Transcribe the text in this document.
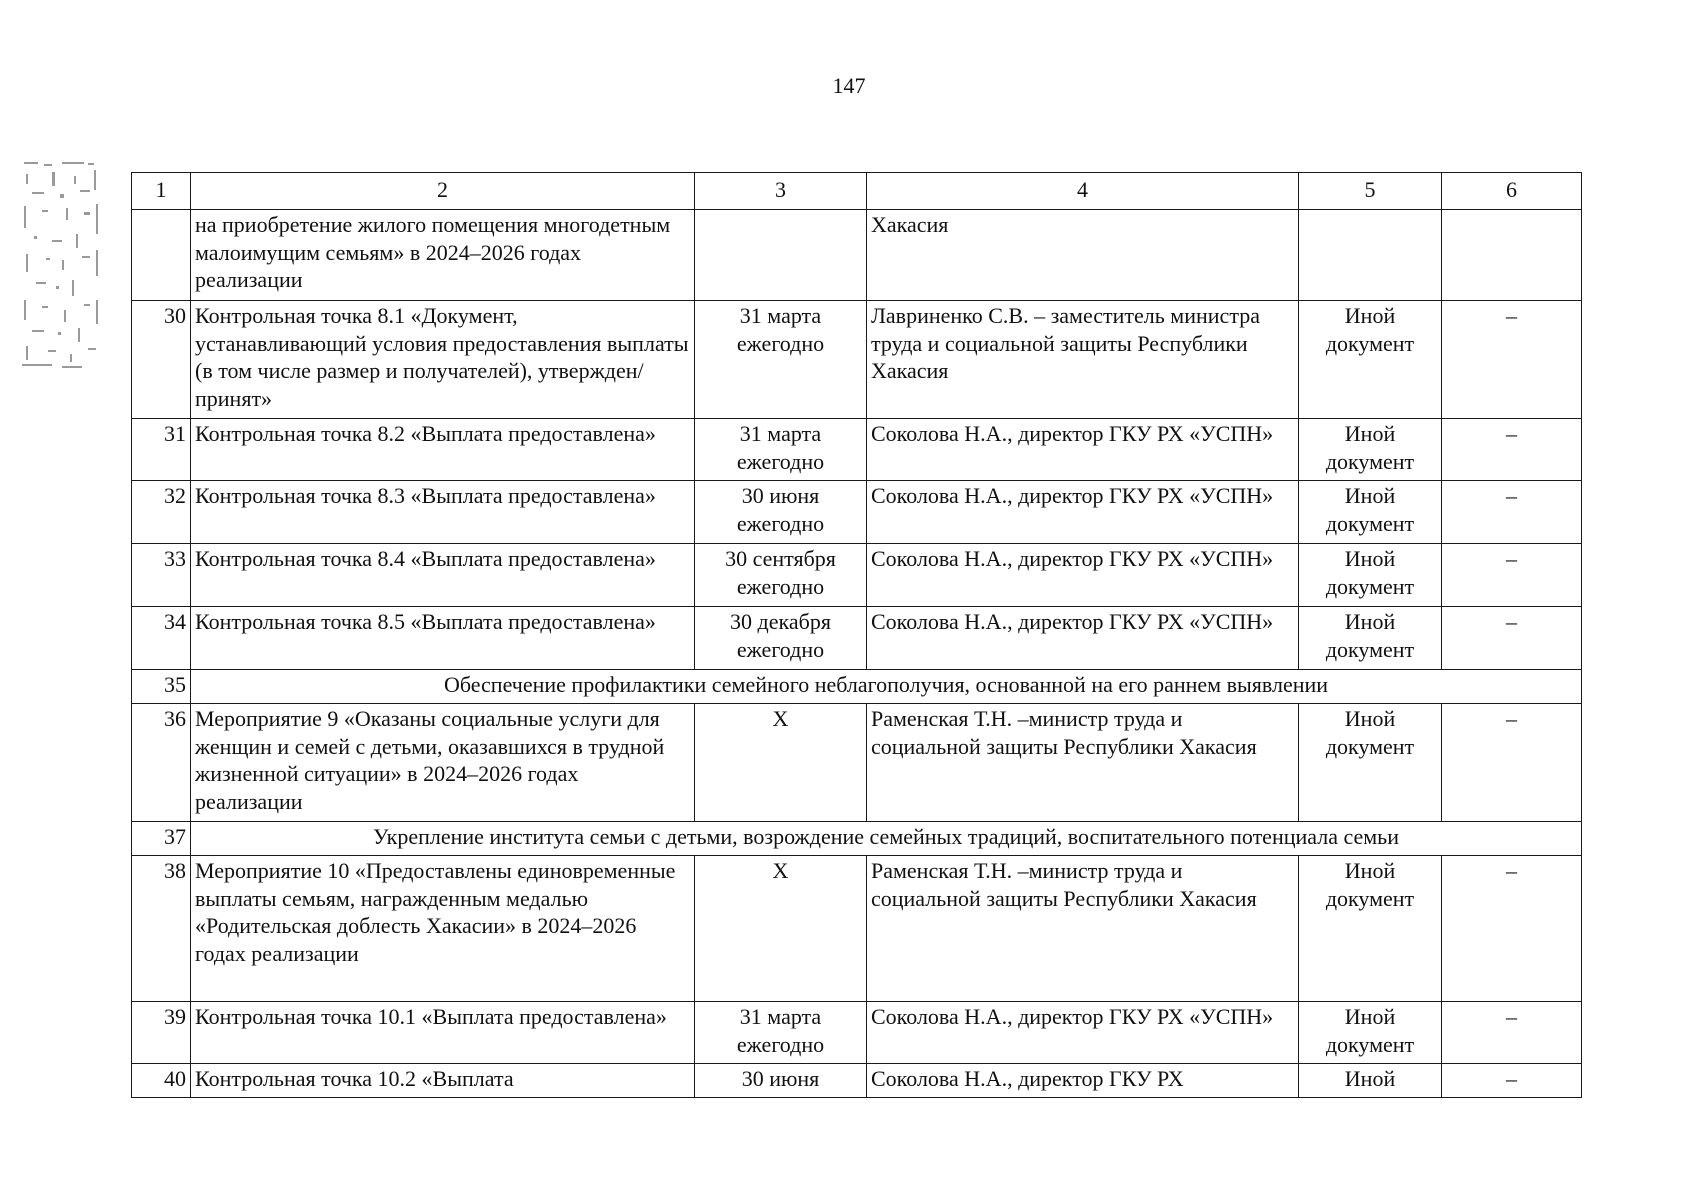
147
1	2	3	4	5	6
	на приобретение жилого помещения многодетным малоимущим семьям» в 2024–2026 годах реализации		Хакасия		
30	Контрольная точка 8.1 «Документ, устанавливающий условия предоставления выплаты (в том числе размер и получателей), утвержден/принят»	31 марта ежегодно	Лавриненко С.В. – заместитель министра труда и социальной защиты Республики Хакасия	Иной документ	–
31	Контрольная точка 8.2 «Выплата предоставлена»	31 марта ежегодно	Соколова Н.А., директор ГКУ РХ «УСПН»	Иной документ	–
32	Контрольная точка 8.3 «Выплата предоставлена»	30 июня ежегодно	Соколова Н.А., директор ГКУ РХ «УСПН»	Иной документ	–
33	Контрольная точка 8.4 «Выплата предоставлена»	30 сентября ежегодно	Соколова Н.А., директор ГКУ РХ «УСПН»	Иной документ	–
34	Контрольная точка 8.5 «Выплата предоставлена»	30 декабря ежегодно	Соколова Н.А., директор ГКУ РХ «УСПН»	Иной документ	–
35	Обеспечение профилактики семейного неблагополучия, основанной на его раннем выявлении				
36	Мероприятие 9 «Оказаны социальные услуги для женщин и семей с детьми, оказавшихся в трудной жизненной ситуации» в 2024–2026 годах реализации	Х	Раменская Т.Н. –министр труда и социальной защиты Республики Хакасия	Иной документ	–
37	Укрепление института семьи с детьми, возрождение семейных традиций, воспитательного потенциала семьи				
38	Мероприятие 10 «Предоставлены единовременные выплаты семьям, награжденным медалью «Родительская доблесть Хакасии» в 2024–2026 годах реализации	Х	Раменская Т.Н. –министр труда и социальной защиты Республики Хакасия	Иной документ	–
39	Контрольная точка 10.1 «Выплата предоставлена»	31 марта ежегодно	Соколова Н.А., директор ГКУ РХ «УСПН»	Иной документ	–
40	Контрольная точка 10.2 «Выплата	30 июня	Соколова Н.А., директор ГКУ РХ	Иной	–
